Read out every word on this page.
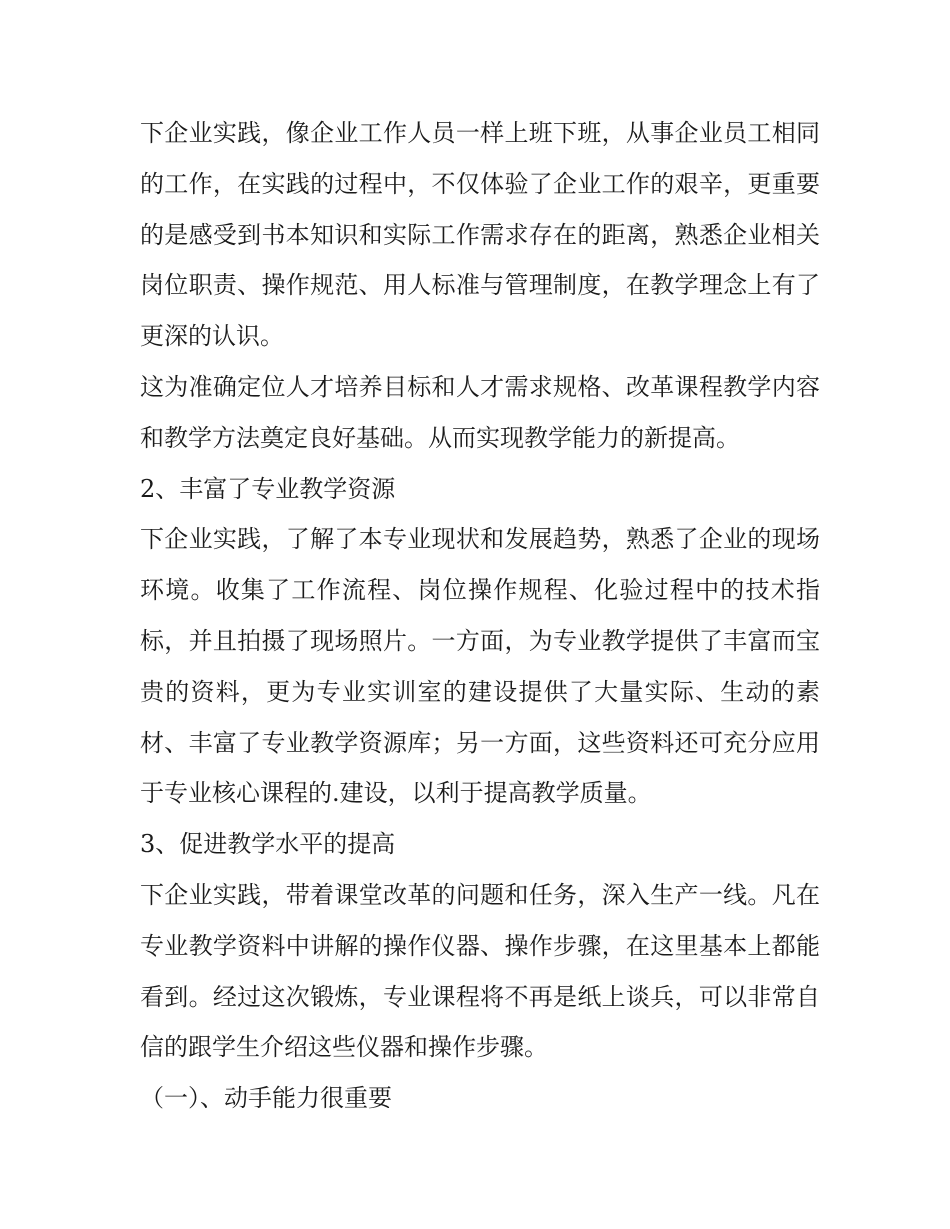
下企业实践，像企业工作人员一样上班下班，从事企业员工相同的工作，在实践的过程中，不仅体验了企业工作的艰辛，更重要的是感受到书本知识和实际工作需求存在的距离，熟悉企业相关岗位职责、操作规范、用人标准与管理制度，在教学理念上有了更深的认识。

这为准确定位人才培养目标和人才需求规格、改革课程教学内容和教学方法奠定良好基础。从而实现教学能力的新提高。

2、丰富了专业教学资源

下企业实践，了解了本专业现状和发展趋势，熟悉了企业的现场环境。收集了工作流程、岗位操作规程、化验过程中的技术指标，并且拍摄了现场照片。一方面，为专业教学提供了丰富而宝贵的资料，更为专业实训室的建设提供了大量实际、生动的素材、丰富了专业教学资源库；另一方面，这些资料还可充分应用于专业核心课程的.建设，以利于提高教学质量。

3、促进教学水平的提高

下企业实践，带着课堂改革的问题和任务，深入生产一线。凡在专业教学资料中讲解的操作仪器、操作步骤，在这里基本上都能看到。经过这次锻炼，专业课程将不再是纸上谈兵，可以非常自信的跟学生介绍这些仪器和操作步骤。

（一）、动手能力很重要
